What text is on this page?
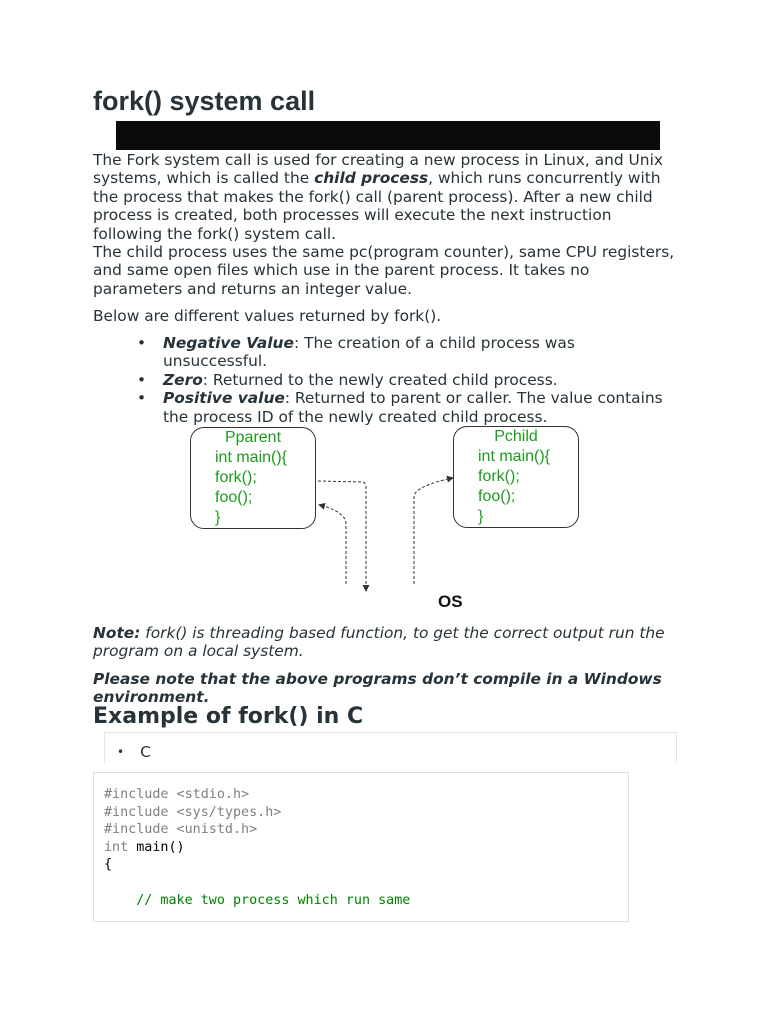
fork() system call

The Fork system call is used for creating a new process in Linux, and Unix systems, which is called the child process, which runs concurrently with the process that makes the fork() call (parent process). After a new child process is created, both processes will execute the next instruction following the fork() system call.
The child process uses the same pc(program counter), same CPU registers, and same open files which use in the parent process. It takes no parameters and returns an integer value.

Below are different values returned by fork().

• Negative Value: The creation of a child process was unsuccessful.
• Zero: Returned to the newly created child process.
• Positive value: Returned to parent or caller. The value contains the process ID of the newly created child process.
Pparent
int main(){
fork();
foo();
}
Pchild
int main(){
fork();
foo();
}
OS

Note: fork() is threading based function, to get the correct output run the program on a local system.

Please note that the above programs don’t compile in a Windows environment.

Example of fork() in C
• C
#include <stdio.h>
#include <sys/types.h>
#include <unistd.h>
int main()
{

// make two process which run same
